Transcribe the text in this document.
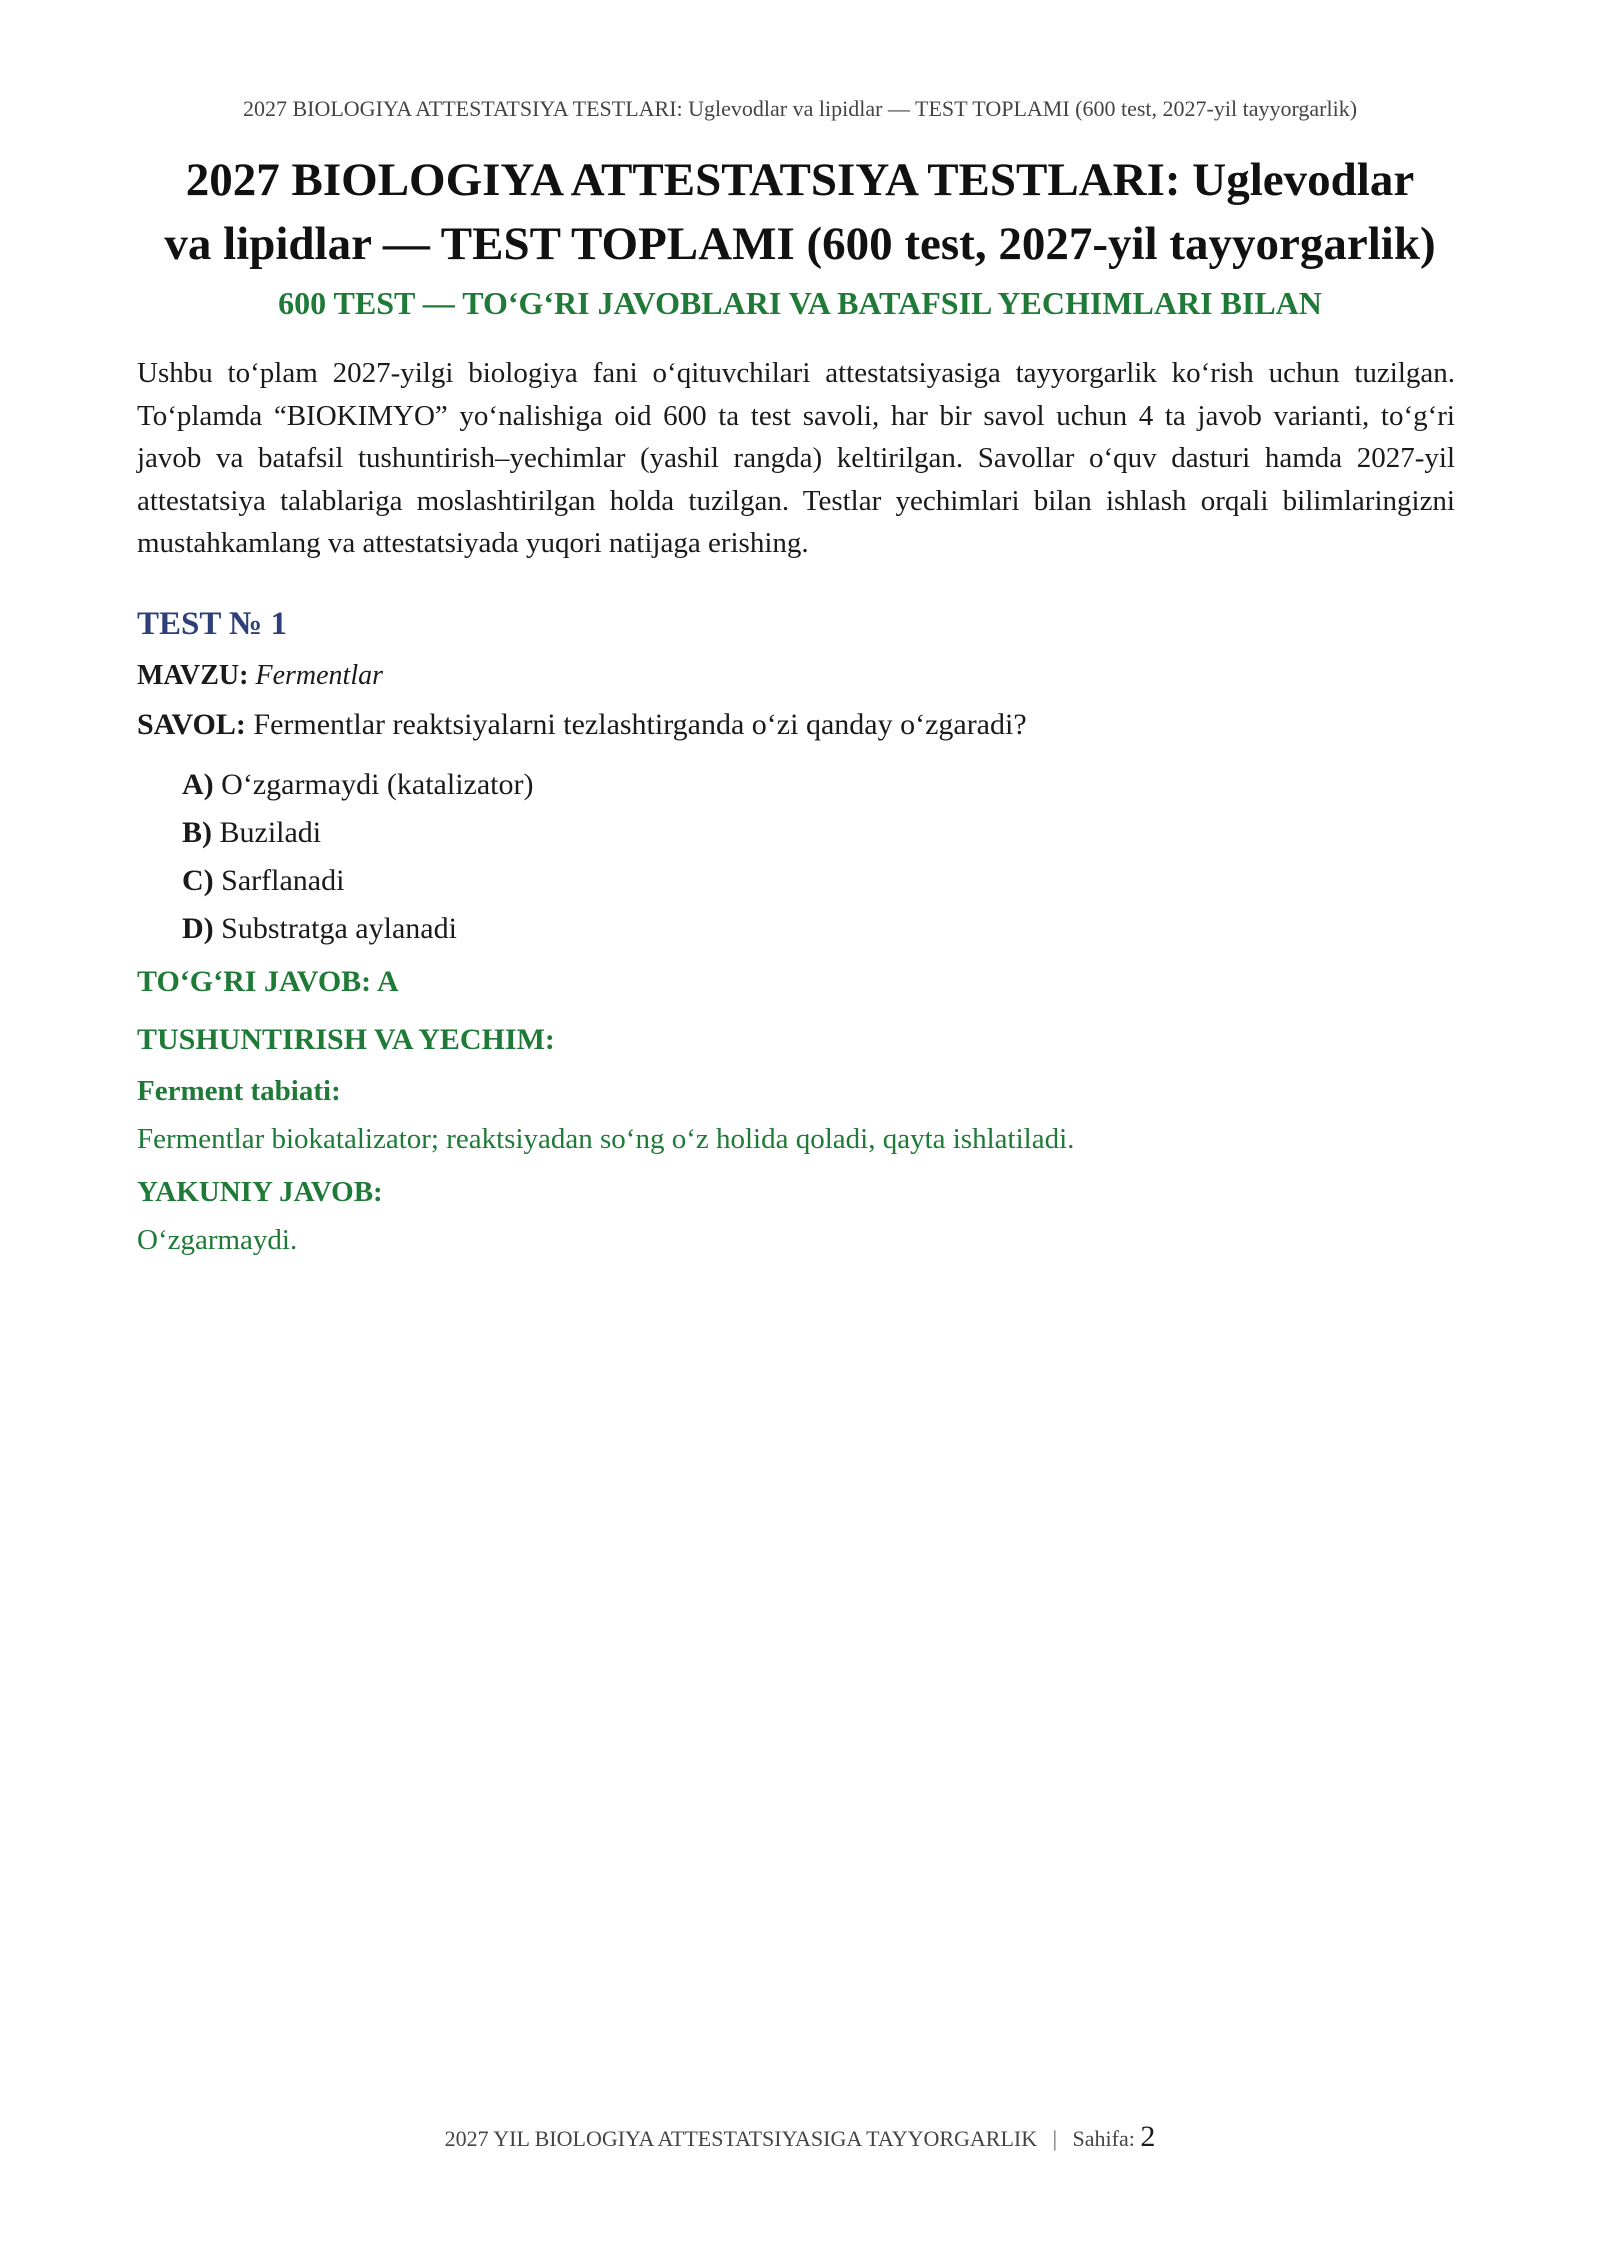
2027 BIOLOGIYA ATTESTATSIYA TESTLARI: Uglevodlar va lipidlar — TEST TOPLAMI (600 test, 2027-yil tayyorgarlik)
2027 BIOLOGIYA ATTESTATSIYA TESTLARI: Uglevodlar
va lipidlar — TEST TOPLAMI (600 test, 2027-yil tayyorgarlik)
600 TEST — TO‘G‘RI JAVOBLARI VA BATAFSIL YECHIMLARI BILAN

Ushbu to‘plam 2027-yilgi biologiya fani o‘qituvchilari attestatsiyasiga tayyorgarlik ko‘rish uchun tuzilgan. To‘plamda “BIOKIMYO” yo‘nalishiga oid 600 ta test savoli, har bir savol uchun 4 ta javob varianti, to‘g‘ri javob va batafsil tushuntirish–yechimlar (yashil rangda) keltirilgan. Savollar o‘quv dasturi hamda 2027-yil attestatsiya talablariga moslashtirilgan holda tuzilgan. Testlar yechimlari bilan ishlash orqali bilimlaringizni mustahkamlang va attestatsiyada yuqori natijaga erishing.

TEST № 1
MAVZU: Fermentlar
SAVOL: Fermentlar reaktsiyalarni tezlashtirganda o‘zi qanday o‘zgaradi?
A) O‘zgarmaydi (katalizator)
B) Buziladi
C) Sarflanadi
D) Substratga aylanadi
TO‘G‘RI JAVOB: A
TUSHUNTIRISH VA YECHIM:
Ferment tabiati:
Fermentlar biokatalizator; reaktsiyadan so‘ng o‘z holida qoladi, qayta ishlatiladi.
YAKUNIY JAVOB:
O‘zgarmaydi.
2027 YIL BIOLOGIYA ATTESTATSIYASIGA TAYYORGARLIK | Sahifa: 2
